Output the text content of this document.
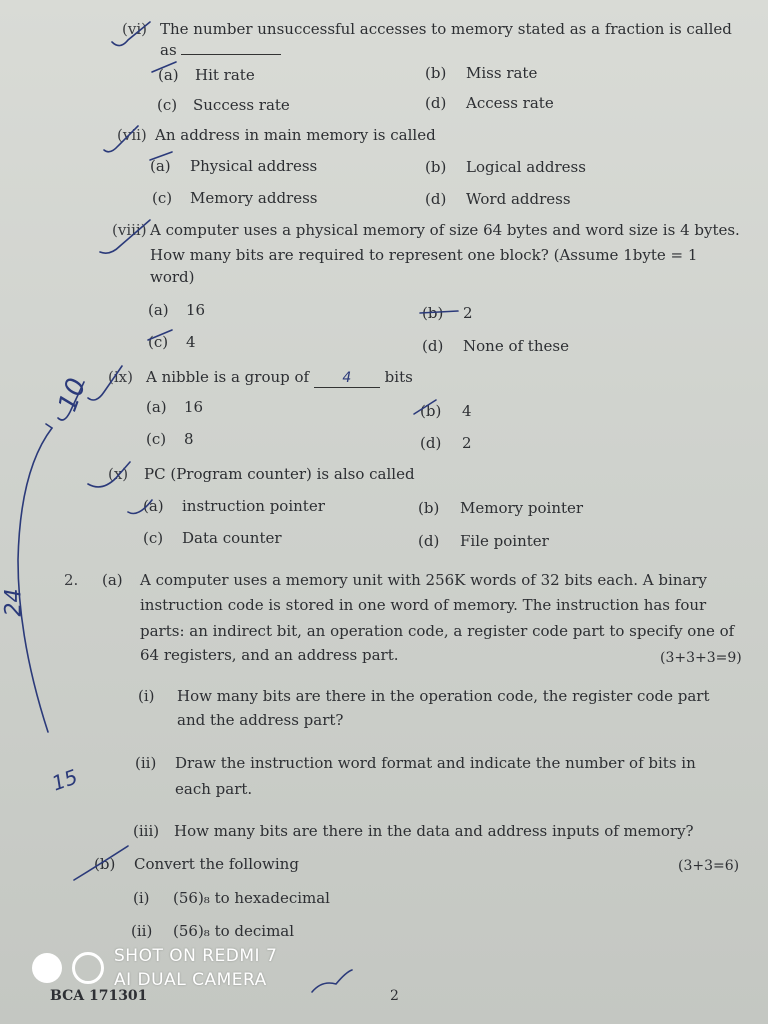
(vi) The number unsuccessful accesses to memory stated as a fraction is called
as
(a) Hit rate	(b) Miss rate
(c) Success rate	(d) Access rate
(vii) An address in main memory is called
(a) Physical address	(b) Logical address
(c) Memory address	(d) Word address
(viii) A computer uses a physical memory of size 64 bytes and word size is 4 bytes.
How many bits are required to represent one block? (Assume 1byte = 1
word)
(a) 16	(b) 2
(c) 4	(d) None of these
(ix) A nibble is a group of 4 bits
(a) 16	(b) 4
(c) 8	(d) 2
(x) PC (Program counter) is also called
(a) instruction pointer	(b) Memory pointer
(c) Data counter	(d) File pointer
2. (a) A computer uses a memory unit with 256K words of 32 bits each. A binary
instruction code is stored in one word of memory. The instruction has four
parts: an indirect bit, an operation code, a register code part to specify one of
64 registers, and an address part.	(3+3+3=9)
(i) How many bits are there in the operation code, the register code part
and the address part?
(ii) Draw the instruction word format and indicate the number of bits in
each part.
(iii) How many bits are there in the data and address inputs of memory?
(b) Convert the following	(3+3=6)
(i) (56)₈ to hexadecimal
(ii) (56)₈ to decimal
10
24
15
SHOT ON REDMI 7
AI DUAL CAMERA
BCA 171301	2
